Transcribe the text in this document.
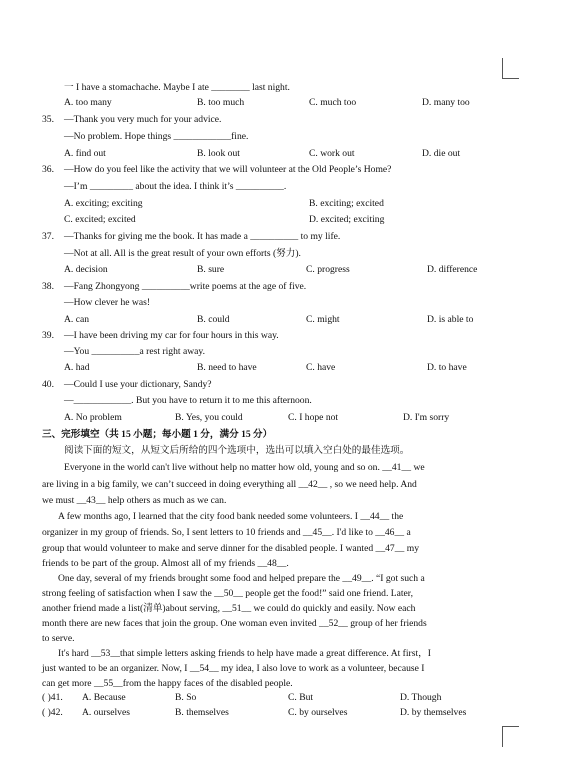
一 I have a stomachache. Maybe I ate ________ last night.
A. too many	B. too much	C. much too	D. many too
35. —Thank you very much for your advice.
—No problem. Hope things ____________fine.
A. find out	B. look out	C. work out	D. die out
36. —How do you feel like the activity that we will volunteer at the Old People’s Home?
—I’m _________ about the idea. I think it’s __________.
A. exciting; exciting	B. exciting; excited
C. excited; excited	D. excited; exciting
37. —Thanks for giving me the book. It has made a __________ to my life.
—Not at all. All is the great result of your own efforts (努力).
A. decision	B. sure	C. progress	D. difference
38. —Fang Zhongyong __________write poems at the age of five.
—How clever he was!
A. can	B. could	C. might	D. is able to
39. —I have been driving my car for four hours in this way.
—You __________a rest right away.
A. had	B. need to have	C. have	D. to have
40. —Could I use your dictionary, Sandy?
—____________. But you have to return it to me this afternoon.
A. No problem	B. Yes, you could	C. I hope not	D. I'm sorry
三、完形填空（共 15 小题；每小题 1 分，满分 15 分）
阅读下面的短文，从短文后所给的四个选项中，选出可以填入空白处的最佳选项。
Everyone in the world can't live without help no matter how old, young and so on. __41__ we
are living in a big family, we can’t succeed in doing everything all __42__ , so we need help. And
we must __43__ help others as much as we can.
A few months ago, I learned that the city food bank needed some volunteers. I __44__ the
organizer in my group of friends. So, I sent letters to 10 friends and __45__. I'd like to __46__ a
group that would volunteer to make and serve dinner for the disabled people. I wanted __47__ my
friends to be part of the group. Almost all of my friends __48__.
One day, several of my friends brought some food and helped prepare the __49__. “I got such a
strong feeling of satisfaction when I saw the __50__ people get the food!” said one friend. Later,
another friend made a list(清单)about serving, __51__ we could do quickly and easily. Now each
month there are new faces that join the group. One woman even invited __52__ group of her friends
to serve.
It's hard __53__that simple letters asking friends to help have made a great difference. At first，I
just wanted to be an organizer. Now, I __54__ my idea, I also love to work as a volunteer, because I
can get more __55__from the happy faces of the disabled people.
( )41. A. Because	B. So	C. But	D. Though
( )42. A. ourselves	B. themselves	C. by ourselves	D. by themselves
